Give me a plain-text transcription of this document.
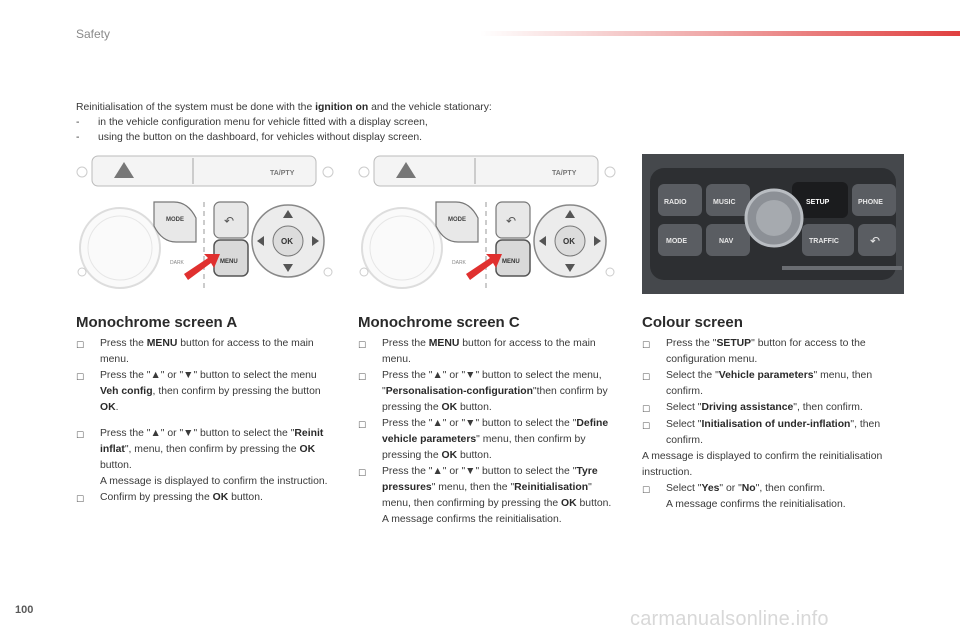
Safety

Reinitialisation of the system must be done with the ignition on and the vehicle stationary:

-	in the vehicle configuration menu for vehicle fitted with a display screen,

-	using the button on the dashboard, for vehicles without display screen.

TA/PTY
MODE	↶
MENU
OK
DARK
TA/PTY
MODE	↶
MENU
OK
DARK
RADIO	MUSIC	SETUP	PHONE
MODE	NAV	TRAFFIC	↶
Monochrome screen A
☐	Press the MENU button for access to the main menu.
☐	Press the "▲" or "▼" button to select the menu Veh config, then confirm by pressing the button OK.
☐	Press the "▲" or "▼" button to select the "Reinit inflat", menu, then confirm by pressing the OK button.
A message is displayed to confirm the instruction.
☐	Confirm by pressing the OK button.
Monochrome screen C
☐	Press the MENU button for access to the main menu.
☐	Press the "▲" or "▼" button to select the menu, "Personalisation-configuration"then confirm by pressing the OK button.
☐	Press the "▲" or "▼" button to select the "Define vehicle parameters" menu, then confirm by pressing the OK button.
☐	Press the "▲" or "▼" button to select the "Tyre pressures" menu, then the "Reinitialisation" menu, then confirming by pressing the OK button.
A message confirms the reinitialisation.
Colour screen
☐	Press the "SETUP" button for access to the configuration menu.
☐	Select the "Vehicle parameters" menu, then confirm.
☐	Select "Driving assistance", then confirm.
☐	Select "Initialisation of under-inflation", then confirm.

A message is displayed to confirm the reinitialisation instruction.

☐	Select "Yes" or "No", then confirm.
A message confirms the reinitialisation.
100	carmanualsonline.info
